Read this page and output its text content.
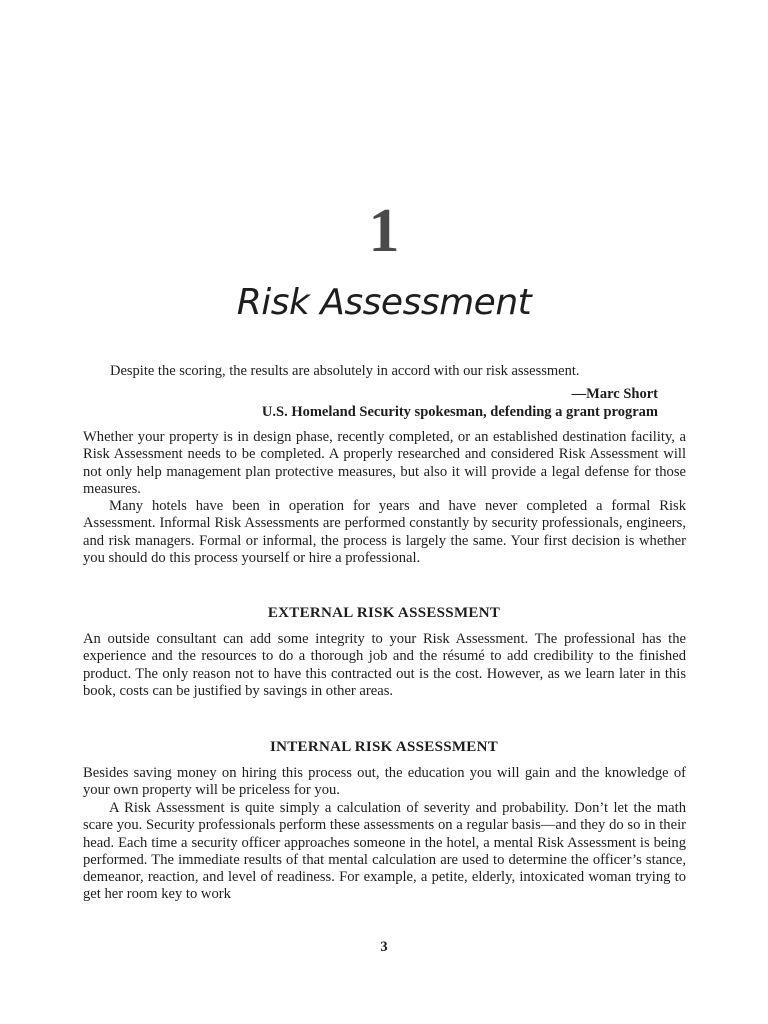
1
Risk Assessment
Despite the scoring, the results are absolutely in accord with our risk assessment.
—Marc Short
U.S. Homeland Security spokesman, defending a grant program

Whether your property is in design phase, recently completed, or an established destination facility, a Risk Assessment needs to be completed. A properly researched and considered Risk Assessment will not only help management plan protective measures, but also it will provide a legal defense for those measures.

Many hotels have been in operation for years and have never completed a formal Risk Assessment. Informal Risk Assessments are performed constantly by security professionals, engineers, and risk managers. Formal or informal, the process is largely the same. Your first decision is whether you should do this process yourself or hire a professional.

EXTERNAL RISK ASSESSMENT

An outside consultant can add some integrity to your Risk Assessment. The professional has the experience and the resources to do a thorough job and the résumé to add credibility to the finished product. The only reason not to have this contracted out is the cost. However, as we learn later in this book, costs can be justified by savings in other areas.

INTERNAL RISK ASSESSMENT

Besides saving money on hiring this process out, the education you will gain and the knowledge of your own property will be priceless for you.

A Risk Assessment is quite simply a calculation of severity and probability. Don’t let the math scare you. Security professionals perform these assessments on a regular basis—and they do so in their head. Each time a security officer approaches someone in the hotel, a mental Risk Assessment is being performed. The immediate results of that mental calculation are used to determine the officer’s stance, demeanor, reaction, and level of readiness. For example, a petite, elderly, intoxicated woman trying to get her room key to work

3
